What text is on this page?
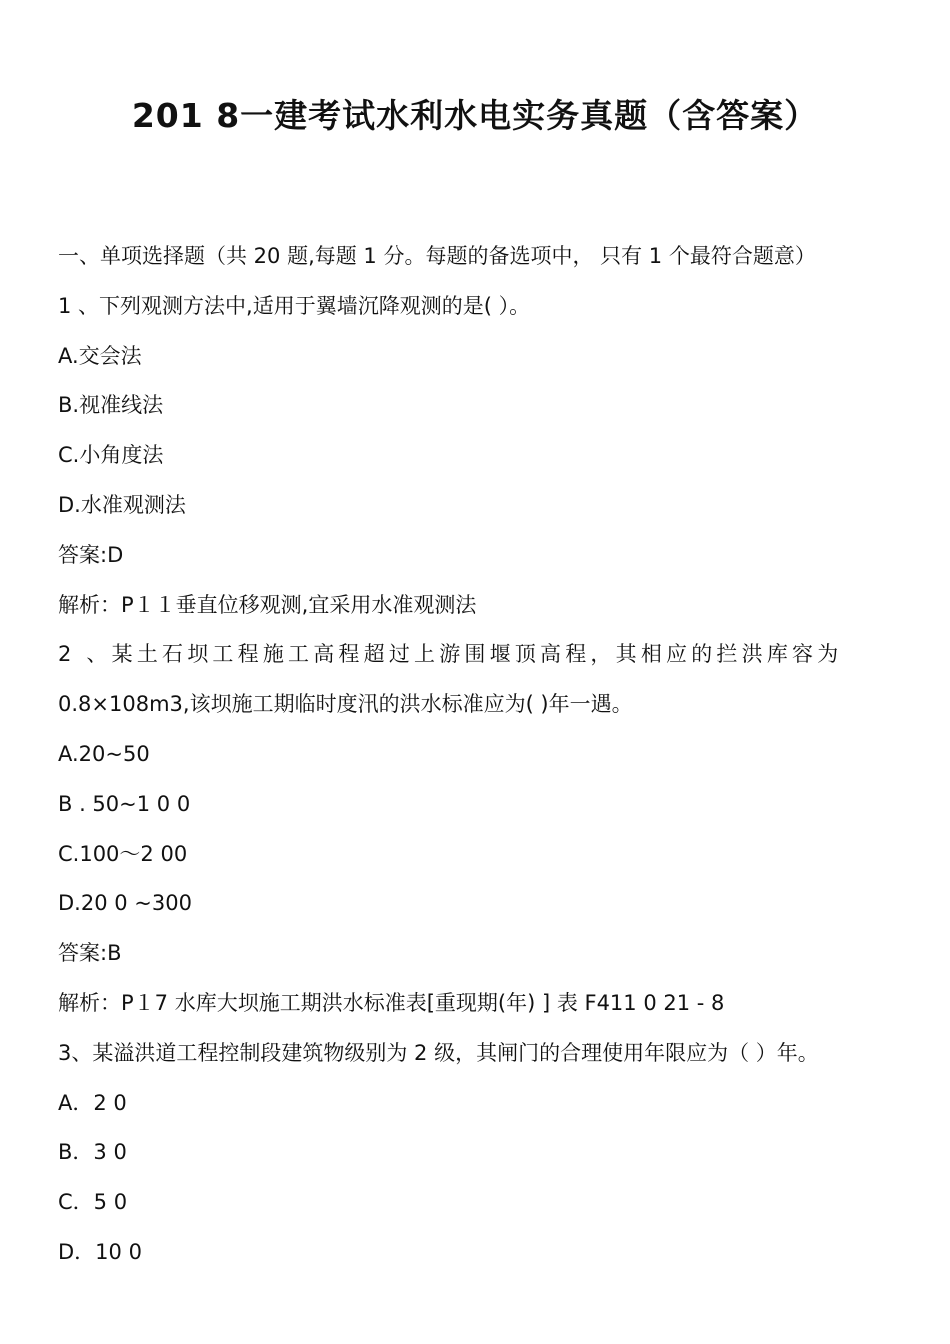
201 8一建考试水利水电实务真题（含答案）
一、单项选择题（共 20 题,每题 1 分。每题的备选项中， 只有 1 个最符合题意）
1 、下列观测方法中,适用于翼墙沉降观测的是( ）。
A.交会法
B.视准线法
C.小角度法
D.水准观测法
答案:D
解析：P１１垂直位移观测,宜采用水准观测法
2 、某土石坝工程施工高程超过上游围堰顶高程，其相应的拦洪库容为
0.8×108m3,该坝施工期临时度汛的洪水标准应为( )年一遇。
A.20~50
B . 50~1 0 0
C.100～2 00
D.20 0 ~300
答案:B
解析：P１7 水库大坝施工期洪水标准表[重现期(年) ] 表 F411 0 21 - 8
3、某溢洪道工程控制段建筑物级别为 2 级，其闸门的合理使用年限应为（ ）年。
A．2 0
B．3 0
C．5 0
D．10 0
